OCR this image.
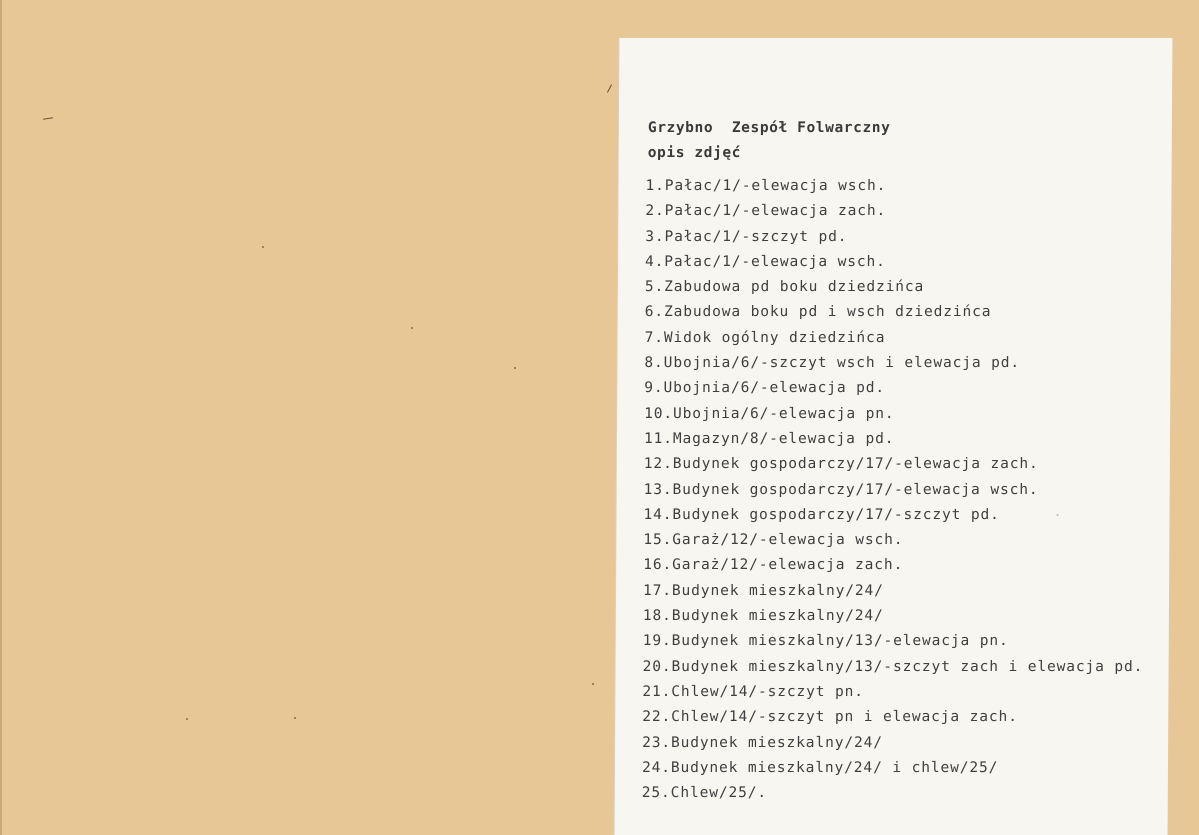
Grzybno  Zespół Folwarczny
opis zdjęć
1.Pałac/1/-elewacja wsch.
2.Pałac/1/-elewacja zach.
3.Pałac/1/-szczyt pd.
4.Pałac/1/-elewacja wsch.
5.Zabudowa pd boku dziedzińca
6.Zabudowa boku pd i wsch dziedzińca
7.Widok ogólny dziedzińca
8.Ubojnia/6/-szczyt wsch i elewacja pd.
9.Ubojnia/6/-elewacja pd.
10.Ubojnia/6/-elewacja pn.
11.Magazyn/8/-elewacja pd.
12.Budynek gospodarczy/17/-elewacja zach.
13.Budynek gospodarczy/17/-elewacja wsch.
14.Budynek gospodarczy/17/-szczyt pd.
15.Garaż/12/-elewacja wsch.
16.Garaż/12/-elewacja zach.
17.Budynek mieszkalny/24/
18.Budynek mieszkalny/24/
19.Budynek mieszkalny/13/-elewacja pn.
20.Budynek mieszkalny/13/-szczyt zach i elewacja pd.
21.Chlew/14/-szczyt pn.
22.Chlew/14/-szczyt pn i elewacja zach.
23.Budynek mieszkalny/24/
24.Budynek mieszkalny/24/ i chlew/25/
25.Chlew/25/.
